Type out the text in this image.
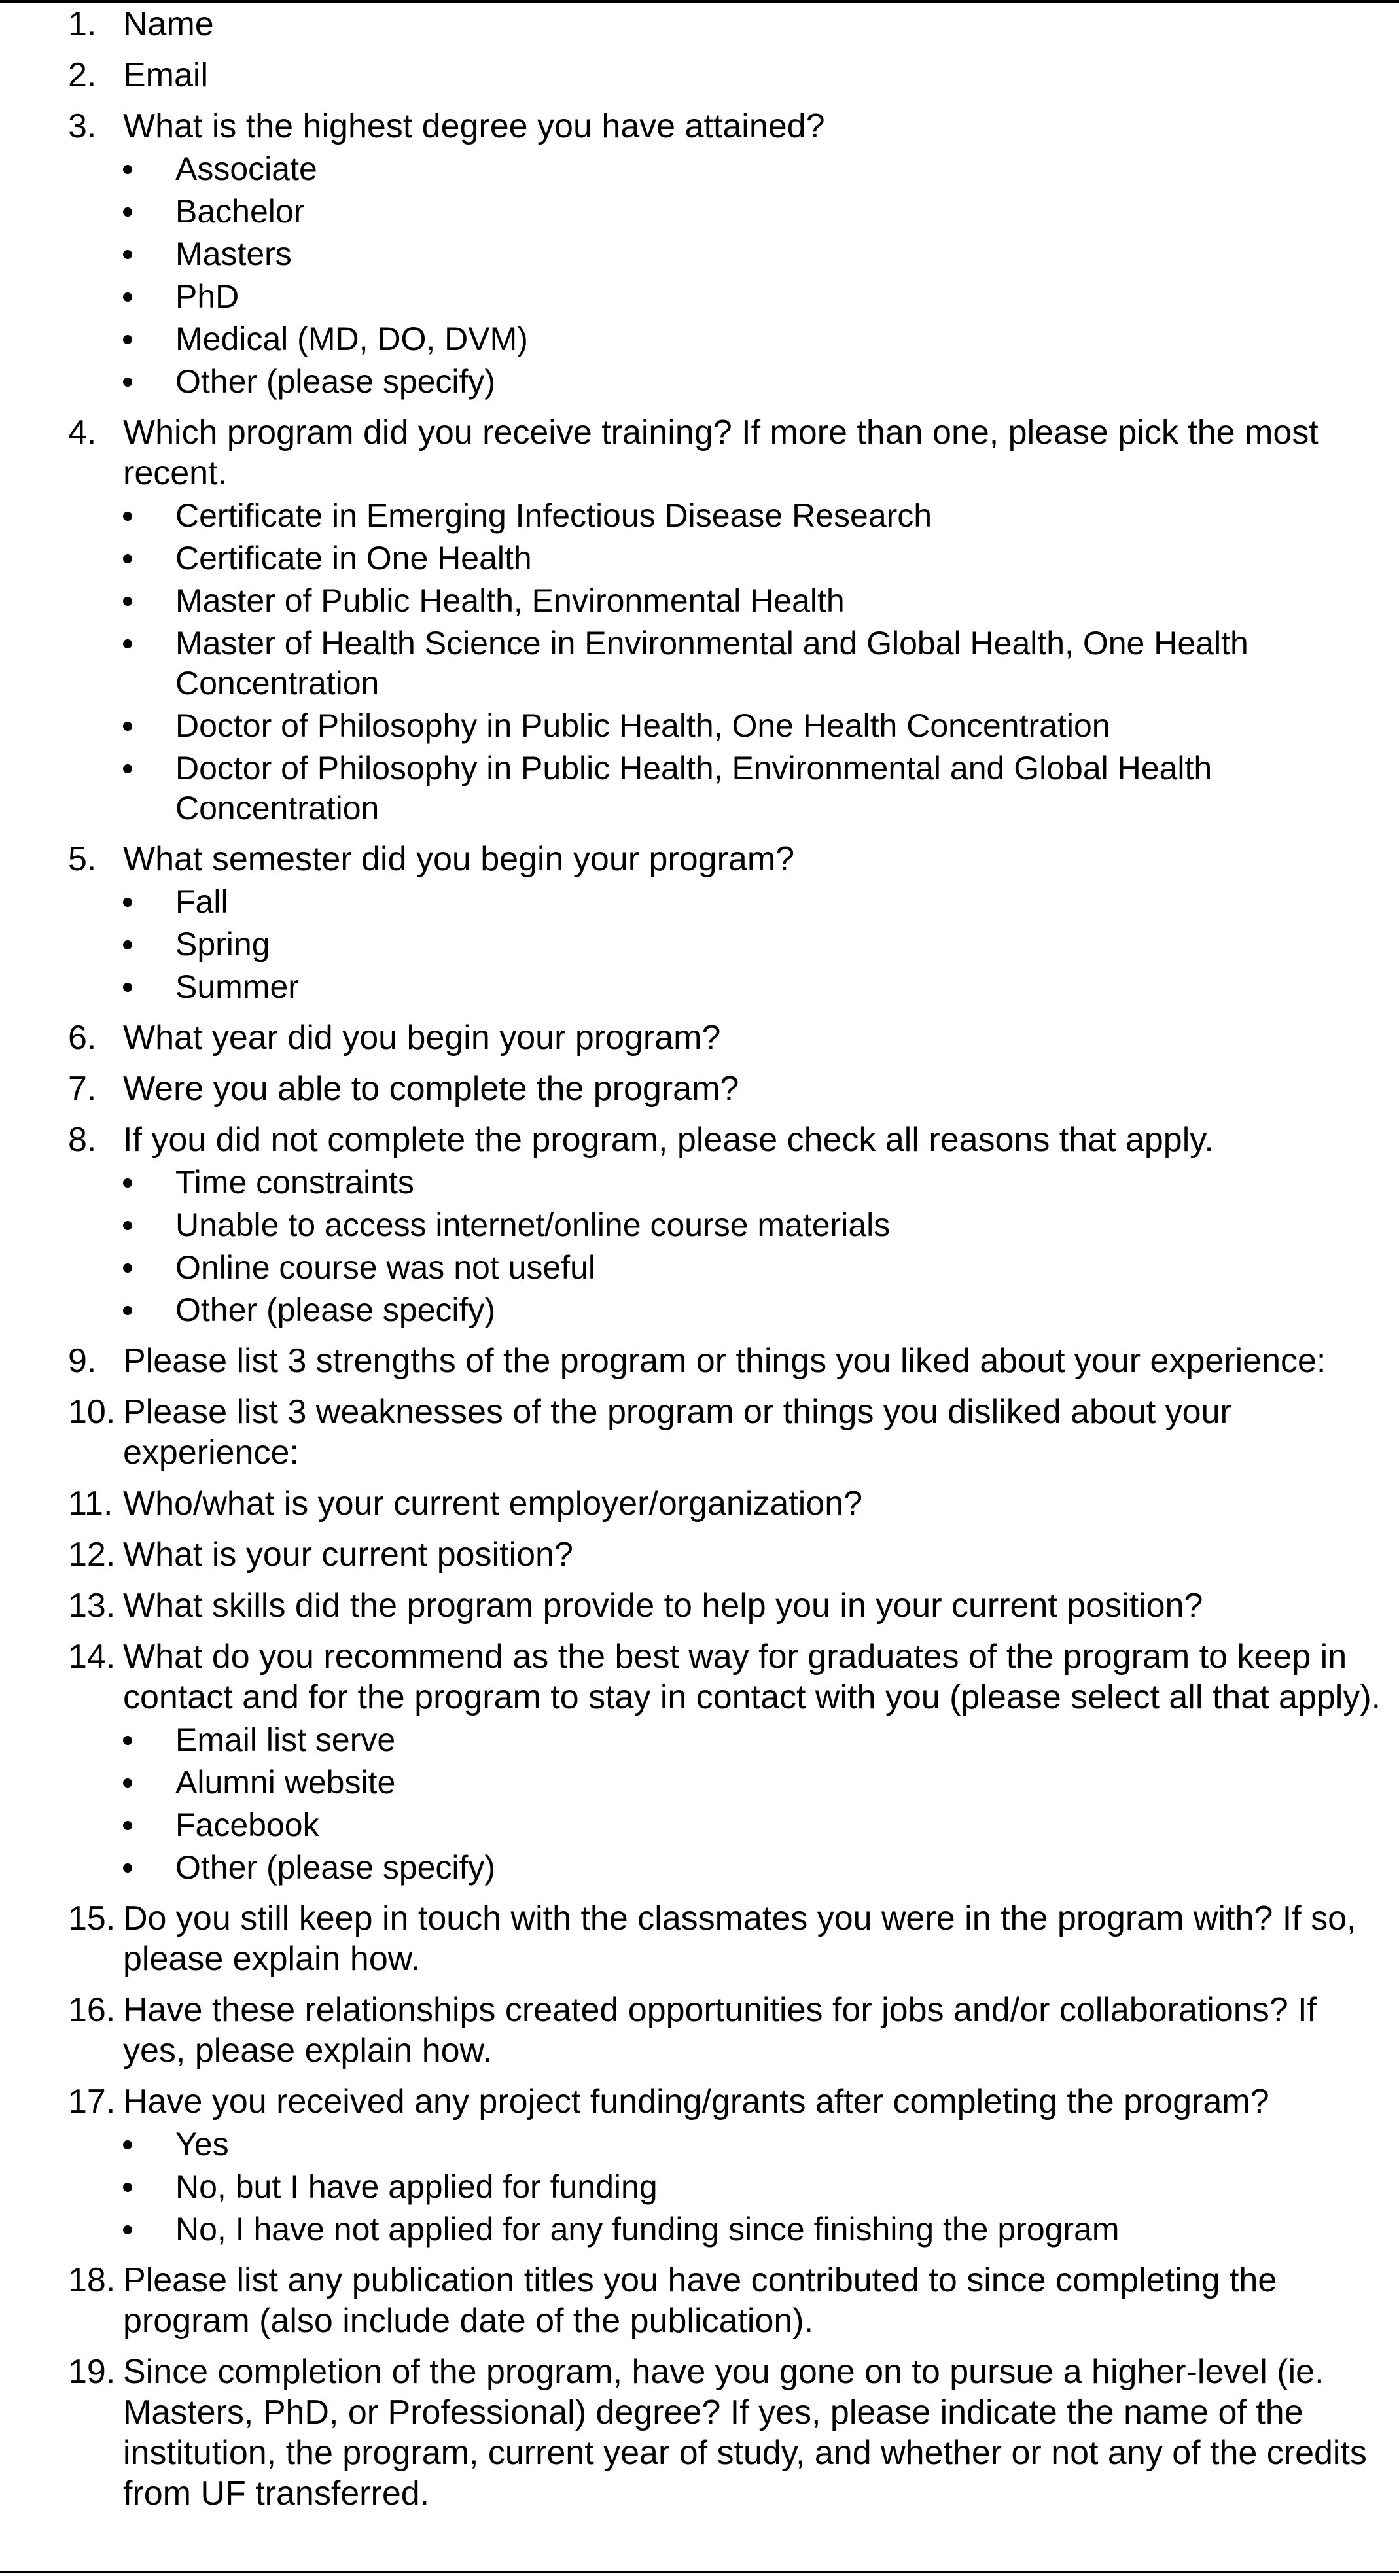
1. Name
2. Email
3. What is the highest degree you have attained?
Associate
Bachelor
Masters
PhD
Medical (MD, DO, DVM)
Other (please specify)
4. Which program did you receive training? If more than one, please pick the most recent.
Certificate in Emerging Infectious Disease Research
Certificate in One Health
Master of Public Health, Environmental Health
Master of Health Science in Environmental and Global Health, One Health Concentration
Doctor of Philosophy in Public Health, One Health Concentration
Doctor of Philosophy in Public Health, Environmental and Global Health Concentration
5. What semester did you begin your program?
Fall
Spring
Summer
6. What year did you begin your program?
7. Were you able to complete the program?
8. If you did not complete the program, please check all reasons that apply.
Time constraints
Unable to access internet/online course materials
Online course was not useful
Other (please specify)
9. Please list 3 strengths of the program or things you liked about your experience:
10. Please list 3 weaknesses of the program or things you disliked about your experience:
11. Who/what is your current employer/organization?
12. What is your current position?
13. What skills did the program provide to help you in your current position?
14. What do you recommend as the best way for graduates of the program to keep in contact and for the program to stay in contact with you (please select all that apply).
Email list serve
Alumni website
Facebook
Other (please specify)
15. Do you still keep in touch with the classmates you were in the program with? If so, please explain how.
16. Have these relationships created opportunities for jobs and/or collaborations? If yes, please explain how.
17. Have you received any project funding/grants after completing the program?
Yes
No, but I have applied for funding
No, I have not applied for any funding since finishing the program
18. Please list any publication titles you have contributed to since completing the program (also include date of the publication).
19. Since completion of the program, have you gone on to pursue a higher-level (ie. Masters, PhD, or Professional) degree? If yes, please indicate the name of the institution, the program, current year of study, and whether or not any of the credits from UF transferred.
